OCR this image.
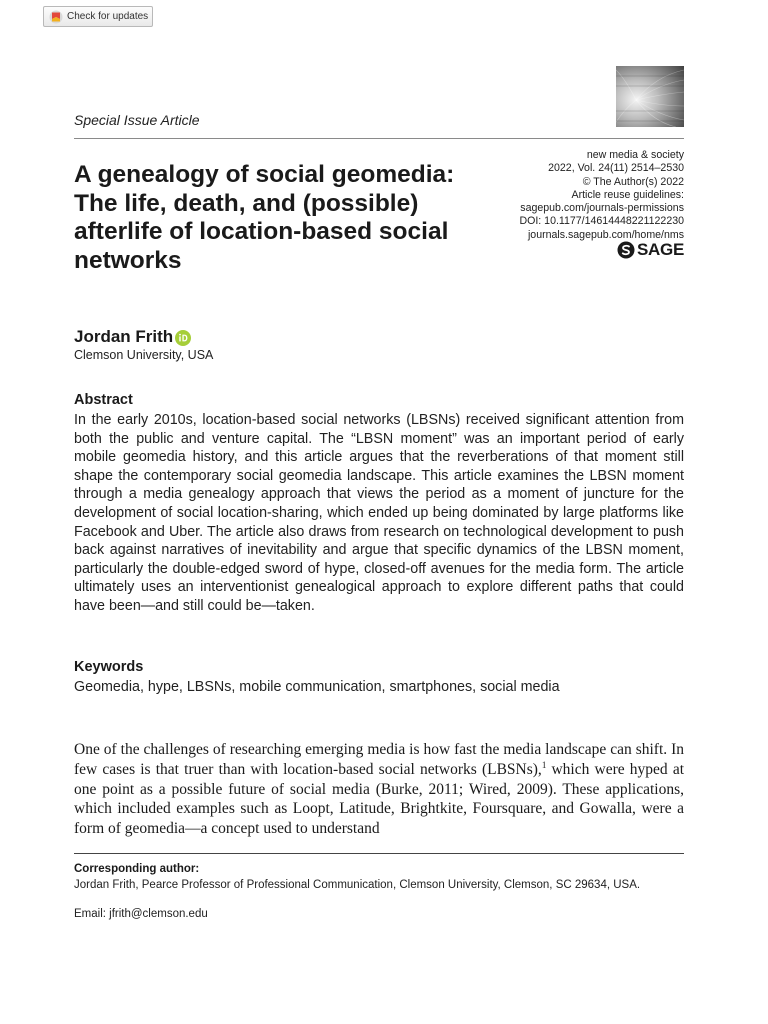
Check for updates
Special Issue Article
new media & society
2022, Vol. 24(11) 2514–2530
© The Author(s) 2022
Article reuse guidelines:
sagepub.com/journals-permissions
DOI: 10.1177/14614448221122230
journals.sagepub.com/home/nms
SAGE
A genealogy of social geomedia: The life, death, and (possible) afterlife of location-based social networks
Jordan Frith
Clemson University, USA
Abstract

In the early 2010s, location-based social networks (LBSNs) received significant attention from both the public and venture capital. The “LBSN moment” was an important period of early mobile geomedia history, and this article argues that the reverberations of that moment still shape the contemporary social geomedia landscape. This article examines the LBSN moment through a media genealogy approach that views the period as a moment of juncture for the development of social location-sharing, which ended up being dominated by large platforms like Facebook and Uber. The article also draws from research on technological development to push back against narratives of inevitability and argue that specific dynamics of the LBSN moment, particularly the double-edged sword of hype, closed-off avenues for the media form. The article ultimately uses an interventionist genealogical approach to explore different paths that could have been—and still could be—taken.

Keywords
Geomedia, hype, LBSNs, mobile communication, smartphones, social media

One of the challenges of researching emerging media is how fast the media landscape can shift. In few cases is that truer than with location-based social networks (LBSNs),$^1$ which were hyped at one point as a possible future of social media (Burke, 2011; Wired, 2009). These applications, which included examples such as Loopt, Latitude, Brightkite, Foursquare, and Gowalla, were a form of geomedia—a concept used to understand

Corresponding author:
Jordan Frith, Pearce Professor of Professional Communication, Clemson University, Clemson, SC 29634, USA.
Email: jfrith@clemson.edu
